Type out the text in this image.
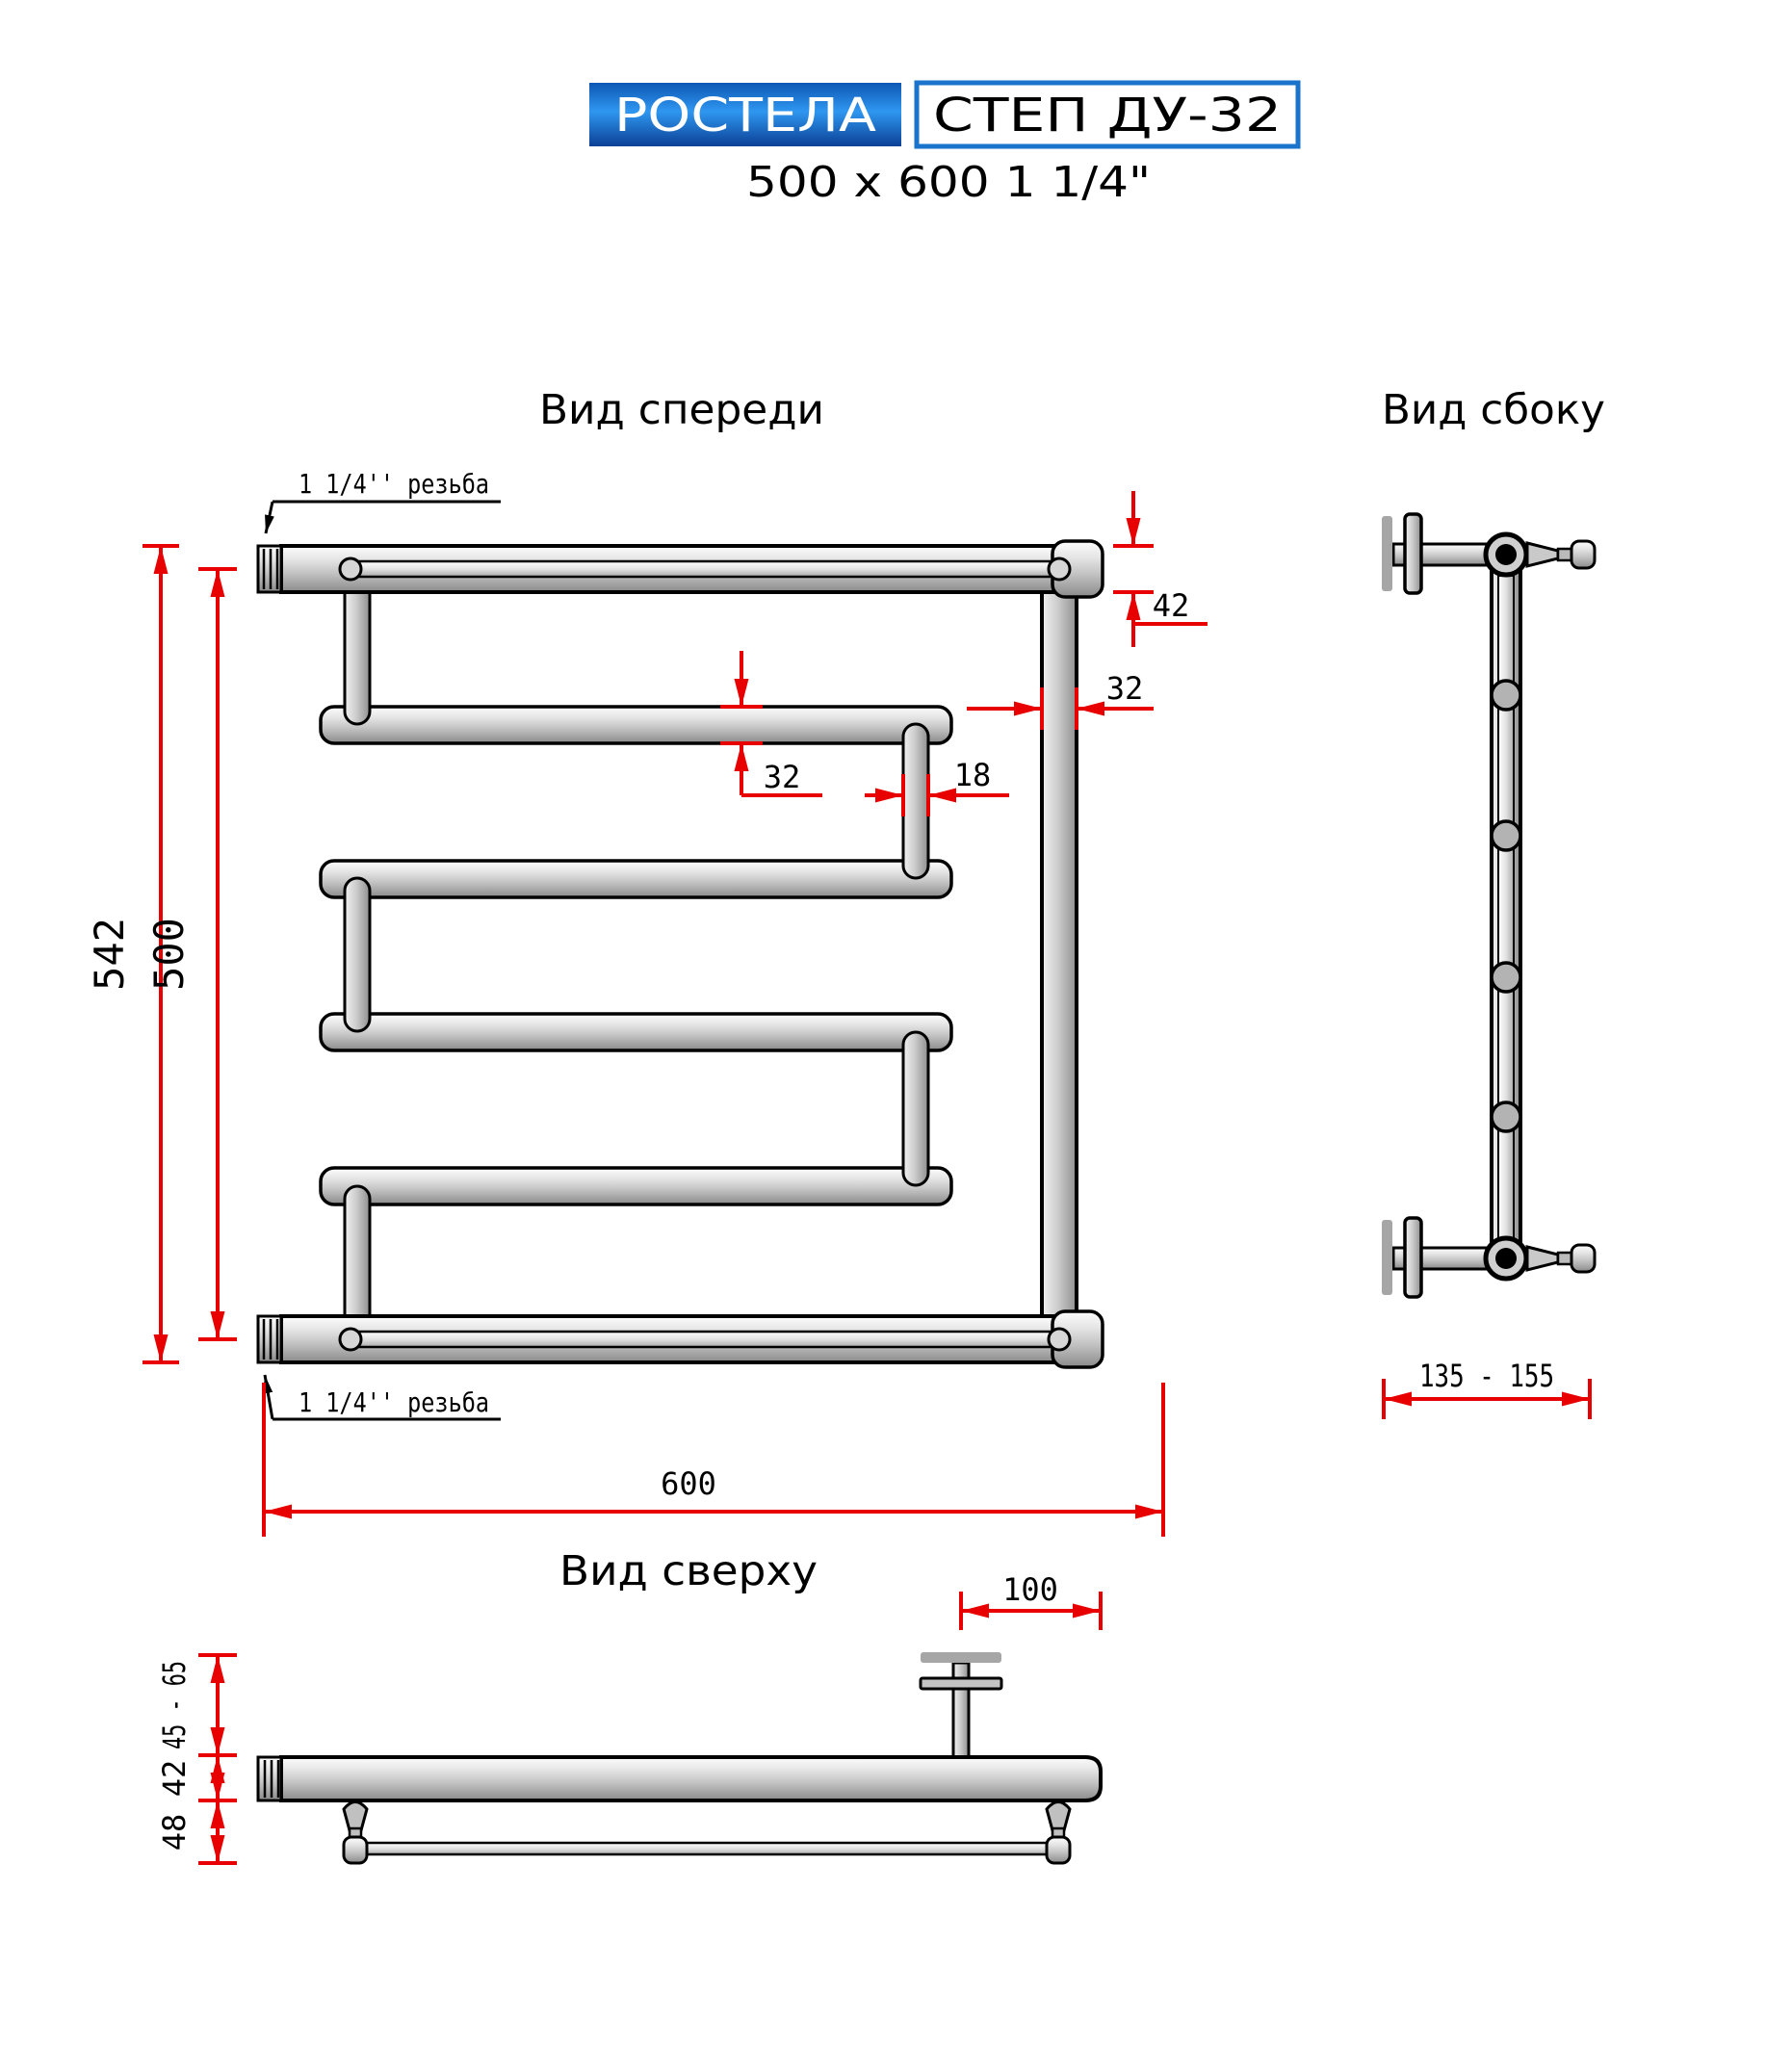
РОСТЕЛА СТЕП ДУ-32
500 x 600 1 1/4"
Вид спереди
1 1/4'' резьба
1 1/4'' резьба
542 500
42
32
32	18
600
Вид сбоку
135 - 155
Вид сверху	100
45 - 65
42
48
